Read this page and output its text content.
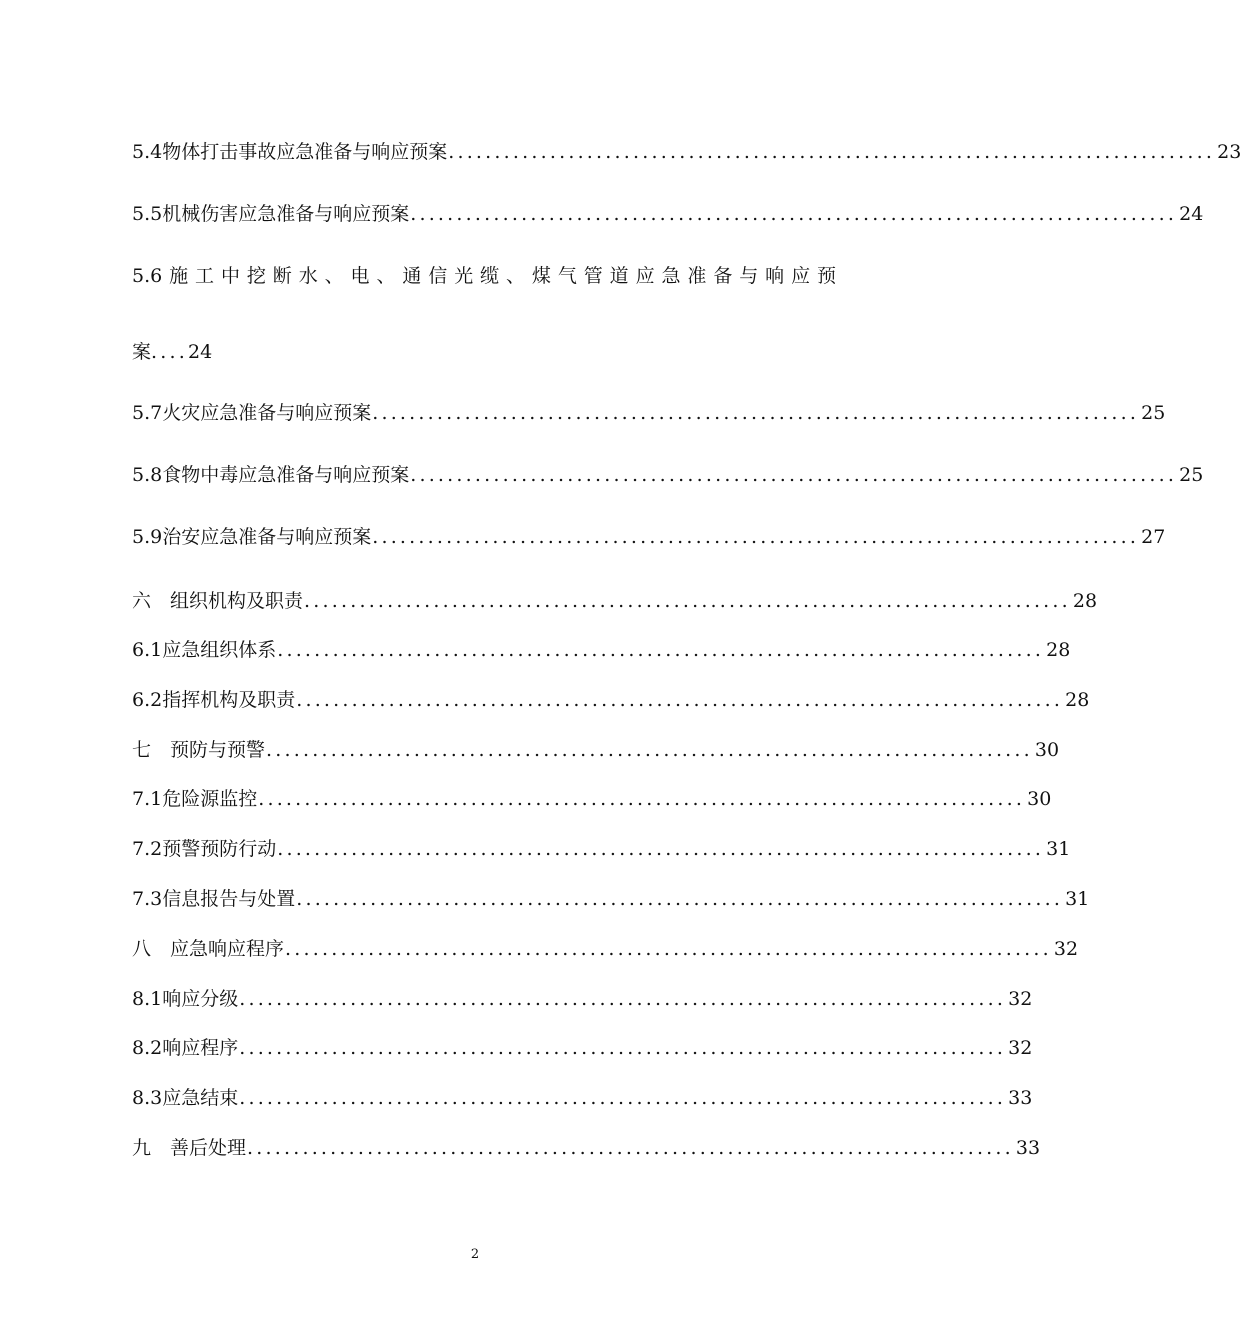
5.4物体打击事故应急准备与响应预案 ................................................................................... 23
5.5机械伤害应急准备与响应预案 ................................................................................... 24
5.6施工中挖断水、电、通信光缆、煤气管道应急准备与响应预
案....24
5.7火灾应急准备与响应预案 ................................................................................... 25
5.8食物中毒应急准备与响应预案 ................................................................................... 25
5.9治安应急准备与响应预案 ................................................................................... 27
六　组织机构及职责 ................................................................................... 28
6.1应急组织体系 ................................................................................... 28
6.2指挥机构及职责 ................................................................................... 28
七　预防与预警 ................................................................................... 30
7.1危险源监控 ................................................................................... 30
7.2预警预防行动 ................................................................................... 31
7.3信息报告与处置 ................................................................................... 31
八　应急响应程序 ................................................................................... 32
8.1响应分级 ................................................................................... 32
8.2响应程序 ................................................................................... 32
8.3应急结束 ................................................................................... 33
九　善后处理 ................................................................................... 33
2
